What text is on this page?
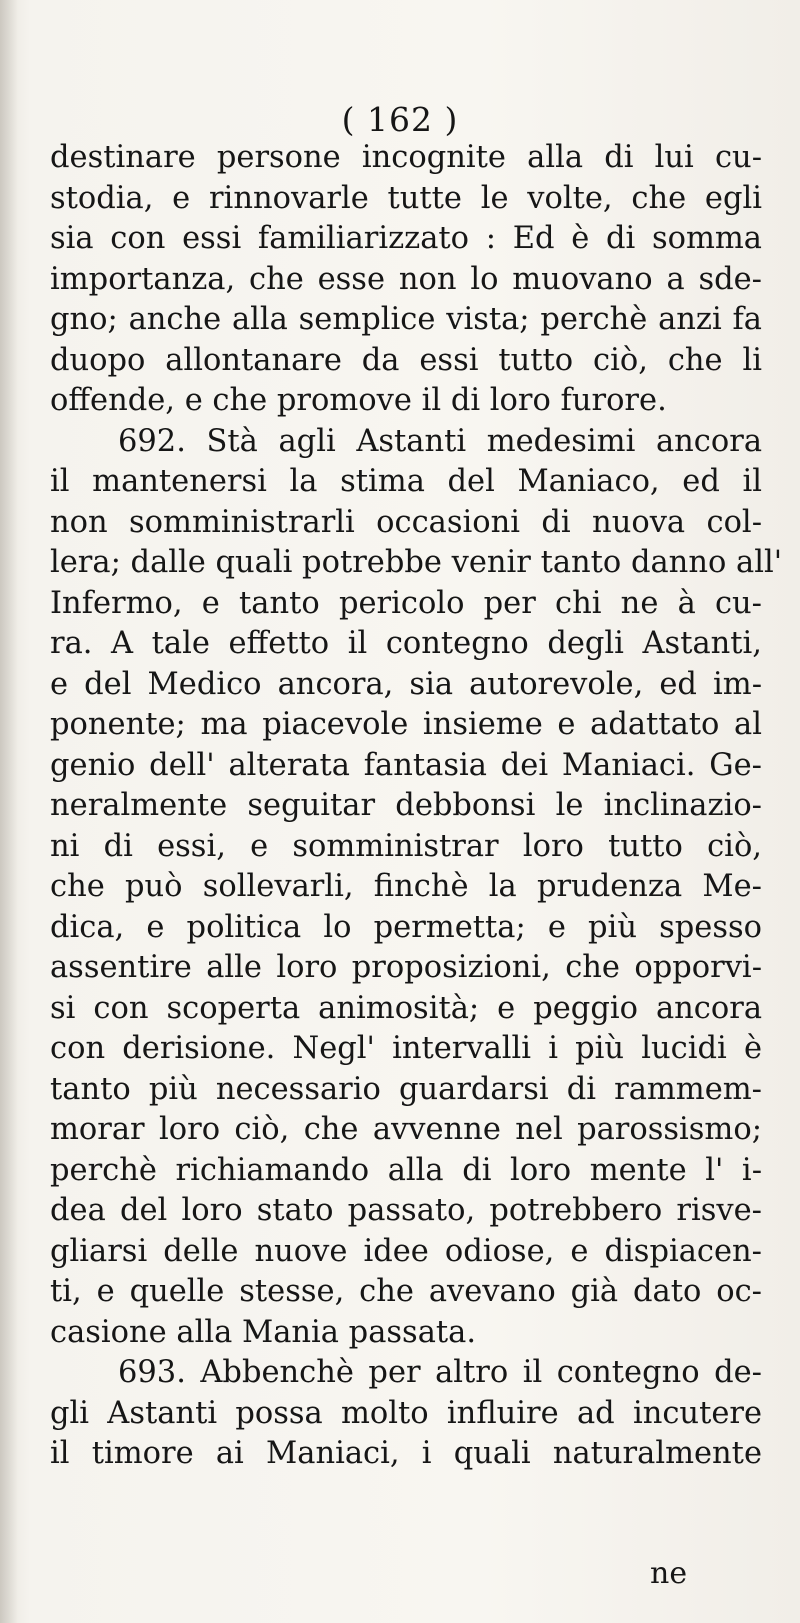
( 162 )
destinare persone incognite alla di lui cu-
stodia, e rinnovarle tutte le volte, che egli
sia con essi familiarizzato : Ed è di somma
importanza, che esse non lo muovano a sde-
gno; anche alla semplice vista; perchè anzi fa
duopo allontanare da essi tutto ciò, che li
offende, e che promove il di loro furore.
692. Stà agli Astanti medesimi ancora
il mantenersi la stima del Maniaco, ed il
non somministrarli occasioni di nuova col-
lera; dalle quali potrebbe venir tanto danno all'
Infermo, e tanto pericolo per chi ne à cu-
ra. A tale effetto il contegno degli Astanti,
e del Medico ancora, sia autorevole, ed im-
ponente; ma piacevole insieme e adattato al
genio dell' alterata fantasia dei Maniaci. Ge-
neralmente seguitar debbonsi le inclinazio-
ni di essi, e somministrar loro tutto ciò,
che può sollevarli, finchè la prudenza Me-
dica, e politica lo permetta; e più spesso
assentire alle loro proposizioni, che opporvi-
si con scoperta animosità; e peggio ancora
con derisione. Negl' intervalli i più lucidi è
tanto più necessario guardarsi di rammem-
morar loro ciò, che avvenne nel parossismo;
perchè richiamando alla di loro mente l' i-
dea del loro stato passato, potrebbero risve-
gliarsi delle nuove idee odiose, e dispiacen-
ti, e quelle stesse, che avevano già dato oc-
casione alla Mania passata.
693. Abbenchè per altro il contegno de-
gli Astanti possa molto influire ad incutere
il timore ai Maniaci, i quali naturalmente
ne
